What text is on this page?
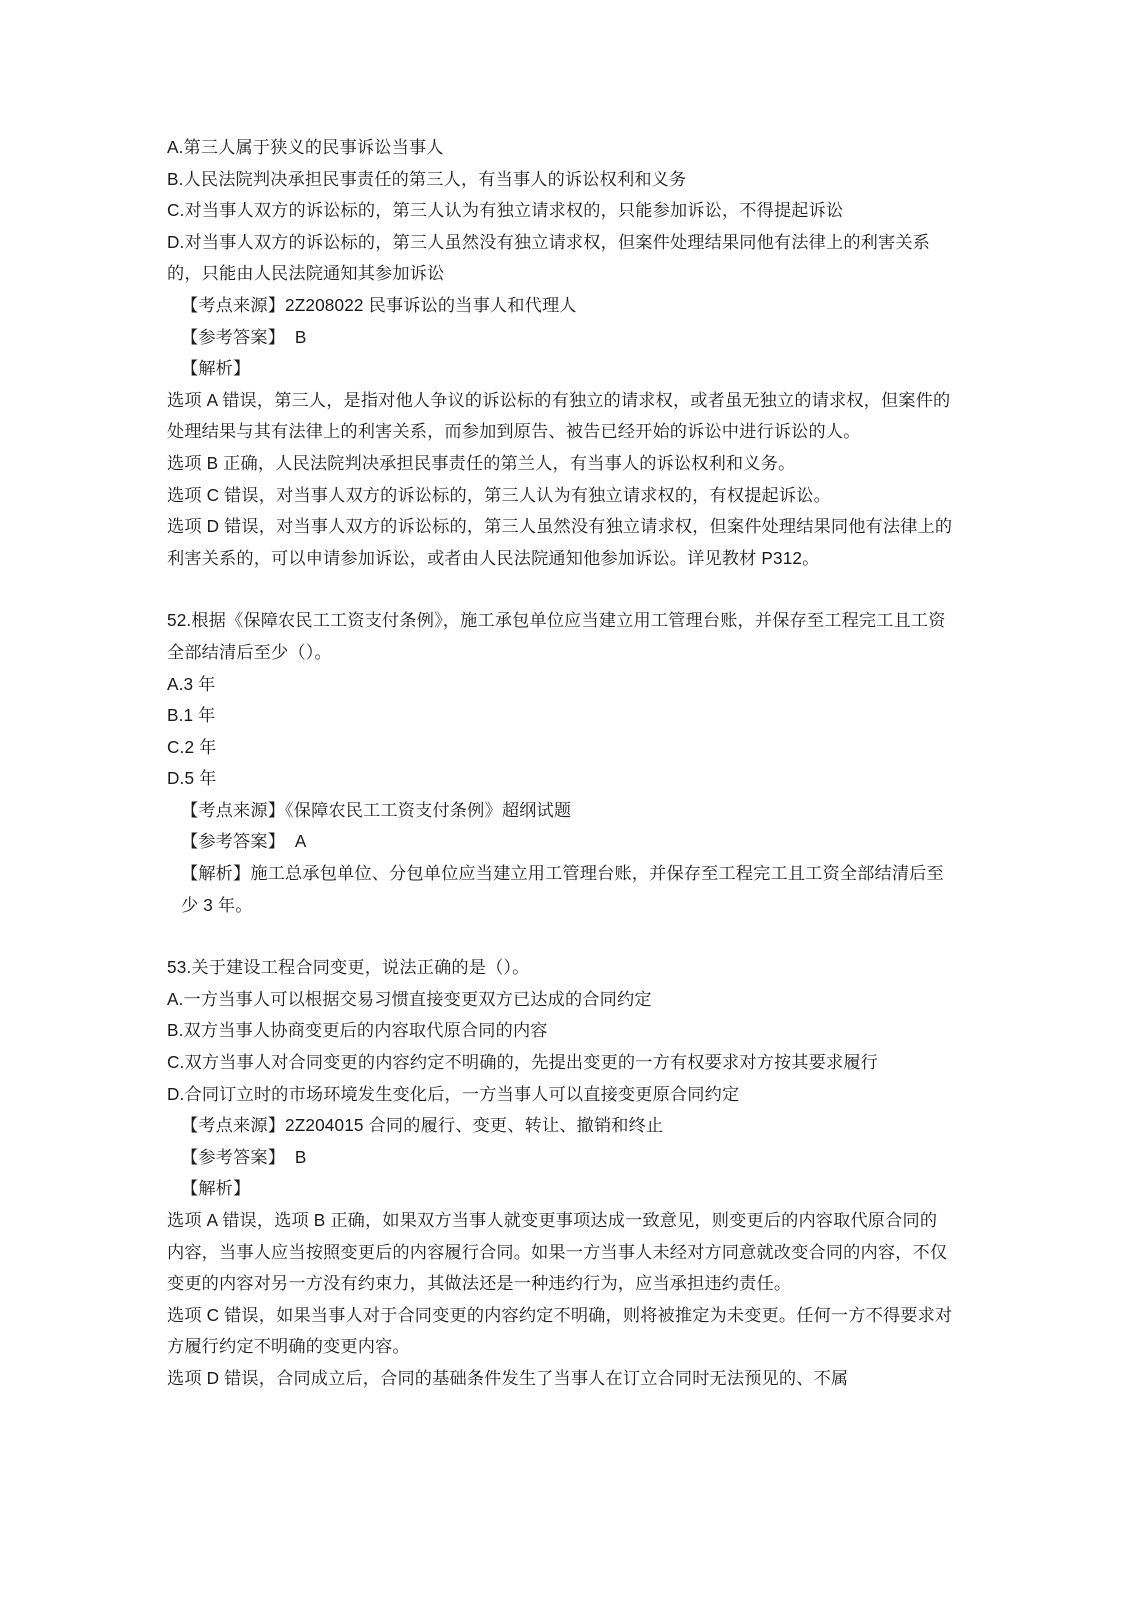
A.第三人属于狭义的民事诉讼当事人
B.人民法院判决承担民事责任的第三人，有当事人的诉讼权利和义务
C.对当事人双方的诉讼标的，第三人认为有独立请求权的，只能参加诉讼，不得提起诉讼
D.对当事人双方的诉讼标的，第三人虽然没有独立请求权，但案件处理结果同他有法律上的利害关系的，只能由人民法院通知其参加诉讼
【考点来源】2Z208022 民事诉讼的当事人和代理人
【参考答案】 B
【解析】
选项 A 错误，第三人，是指对他人争议的诉讼标的有独立的请求权，或者虽无独立的请求权，但案件的处理结果与其有法律上的利害关系，而参加到原告、被告已经开始的诉讼中进行诉讼的人。
选项 B 正确，人民法院判决承担民事责任的第兰人，有当事人的诉讼权利和义务。
选项 C 错误，对当事人双方的诉讼标的，第三人认为有独立请求权的，有权提起诉讼。
选项 D 错误，对当事人双方的诉讼标的，第三人虽然没有独立请求权，但案件处理结果同他有法律上的利害关系的，可以申请参加诉讼，或者由人民法院通知他参加诉讼。详见教材 P312。
52.根据《保障农民工工资支付条例》，施工承包单位应当建立用工管理台账，并保存至工程完工且工资全部结清后至少（）。
A.3 年
B.1 年
C.2 年
D.5 年
【考点来源】《保障农民工工资支付条例》超纲试题
【参考答案】 A
【解析】施工总承包单位、分包单位应当建立用工管理台账，并保存至工程完工且工资全部结清后至少 3 年。
53.关于建设工程合同变更，说法正确的是（）。
A.一方当事人可以根据交易习惯直接变更双方已达成的合同约定
B.双方当事人协商变更后的内容取代原合同的内容
C.双方当事人对合同变更的内容约定不明确的，先提出变更的一方有权要求对方按其要求履行
D.合同订立时的市场环境发生变化后，一方当事人可以直接变更原合同约定
【考点来源】2Z204015 合同的履行、变更、转让、撤销和终止
【参考答案】 B
【解析】
选项 A 错误，选项 B 正确，如果双方当事人就变更事项达成一致意见，则变更后的内容取代原合同的内容，当事人应当按照变更后的内容履行合同。如果一方当事人未经对方同意就改变合同的内容，不仅变更的内容对另一方没有约束力，其做法还是一种违约行为，应当承担违约责任。
选项 C 错误，如果当事人对于合同变更的内容约定不明确，则将被推定为未变更。任何一方不得要求对方履行约定不明确的变更内容。
选项 D 错误，合同成立后，合同的基础条件发生了当事人在订立合同时无法预见的、不属
